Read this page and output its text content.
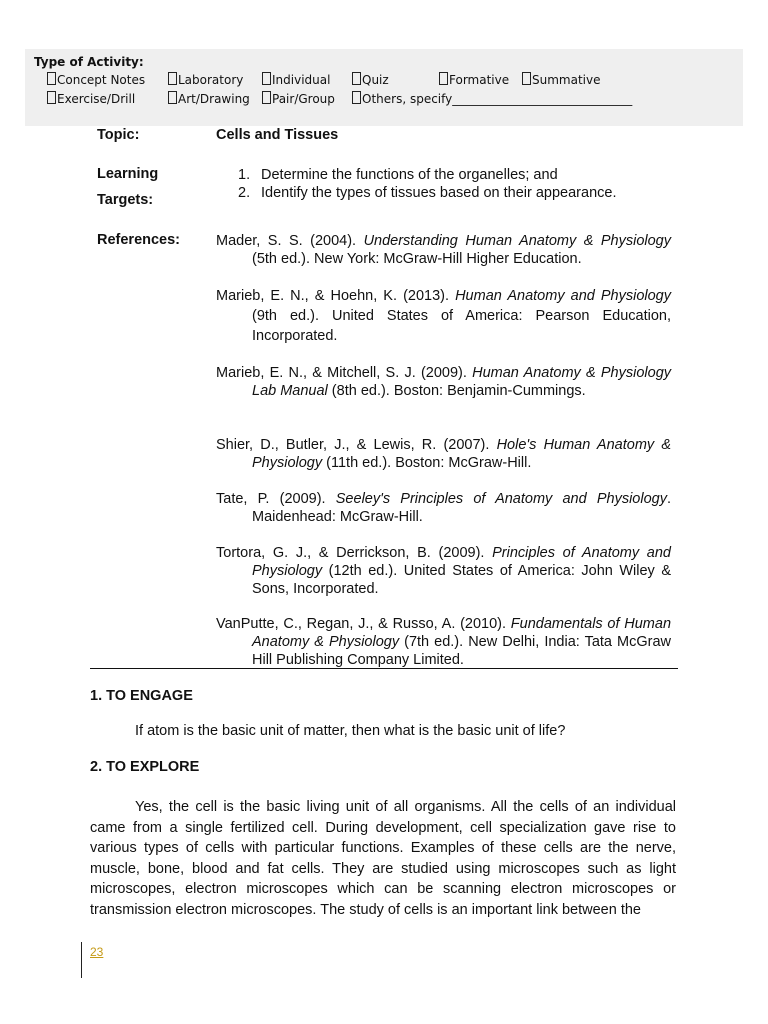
Type of Activity:
Concept Notes	Laboratory	Individual	Quiz	Formative	Summative
Exercise/Drill	Art/Drawing	Pair/Group	Others, specify______________________________
Topic:	Cells and Tissues
Learning
Targets:
1. Determine the functions of the organelles; and
2. Identify the types of tissues based on their appearance.
References: Mader, S. S. (2004). Understanding Human Anatomy & Physiology (5th ed.). New York: McGraw-Hill Higher Education.
Marieb, E. N., & Hoehn, K. (2013). Human Anatomy and Physiology (9th ed.). United States of America: Pearson Education, Incorporated.
Marieb, E. N., & Mitchell, S. J. (2009). Human Anatomy & Physiology Lab Manual (8th ed.). Boston: Benjamin-Cummings.
Shier, D., Butler, J., & Lewis, R. (2007). Hole's Human Anatomy & Physiology (11th ed.). Boston: McGraw-Hill.
Tate, P. (2009). Seeley's Principles of Anatomy and Physiology. Maidenhead: McGraw-Hill.
Tortora, G. J., & Derrickson, B. (2009). Principles of Anatomy and Physiology (12th ed.). United States of America: John Wiley & Sons, Incorporated.
VanPutte, C., Regan, J., & Russo, A. (2010). Fundamentals of Human Anatomy & Physiology (7th ed.). New Delhi, India: Tata McGraw Hill Publishing Company Limited.
1. TO ENGAGE
If atom is the basic unit of matter, then what is the basic unit of life?
2. TO EXPLORE
Yes, the cell is the basic living unit of all organisms. All the cells of an individual came from a single fertilized cell. During development, cell specialization gave rise to various types of cells with particular functions. Examples of these cells are the nerve, muscle, bone, blood and fat cells. They are studied using microscopes such as light microscopes, electron microscopes which can be scanning electron microscopes or transmission electron microscopes. The study of cells is an important link between the
23
